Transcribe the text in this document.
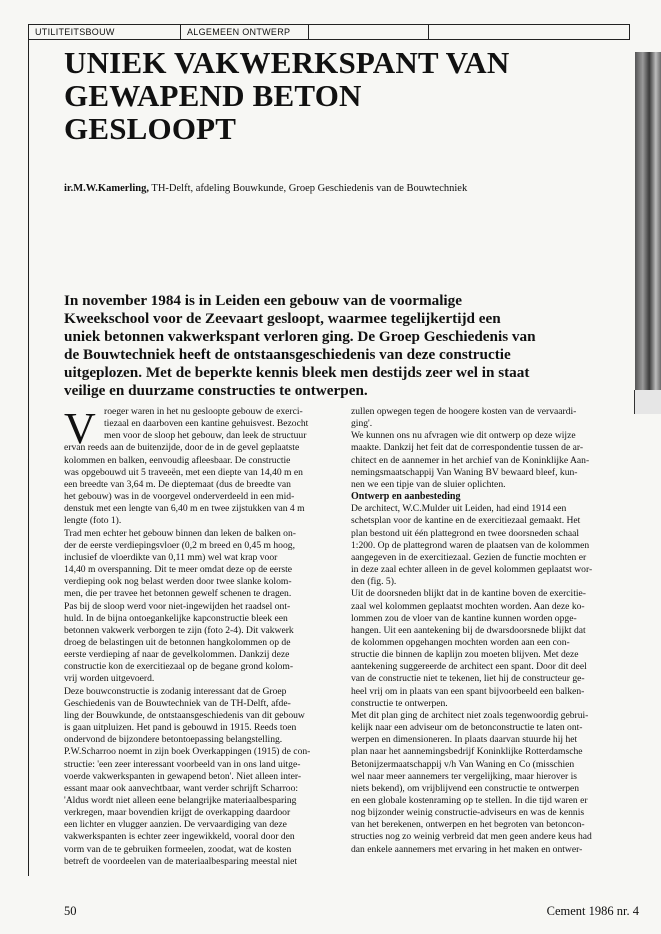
UTILITEITSBOUW	ALGEMEEN ONTWERP
UNIEK VAKWERKSPANT VAN
GEWAPEND BETON
GESLOOPT
ir.M.W.Kamerling, TH-Delft, afdeling Bouwkunde, Groep Geschiedenis van de Bouwtechniek
In november 1984 is in Leiden een gebouw van de voormalige
Kweekschool voor de Zeevaart gesloopt, waarmee tegelijkertijd een
uniek betonnen vakwerkspant verloren ging. De Groep Geschiedenis van
de Bouwtechniek heeft de ontstaansgeschiedenis van deze constructie
uitgeplozen. Met de beperkte kennis bleek men destijds zeer wel in staat
veilige en duurzame constructies te ontwerpen.
V roeger waren in het nu gesloopte gebouw de exerci-
tiezaal en daarboven een kantine gehuisvest. Bezocht
men voor de sloop het gebouw, dan leek de structuur
ervan reeds aan de buitenzijde, door de in de gevel geplaatste
kolommen en balken, eenvoudig afleesbaar. De constructie
was opgebouwd uit 5 traveeën, met een diepte van 14,40 m en
een breedte van 3,64 m. De dieptemaat (dus de breedte van
het gebouw) was in de voorgevel onderverdeeld in een mid-
denstuk met een lengte van 6,40 m en twee zijstukken van 4 m
lengte (foto 1).
Trad men echter het gebouw binnen dan leken de balken on-
der de eerste verdiepingsvloer (0,2 m breed en 0,45 m hoog,
inclusief de vloerdikte van 0,11 mm) wel wat krap voor
14,40 m overspanning. Dit te meer omdat deze op de eerste
verdieping ook nog belast werden door twee slanke kolom-
men, die per travee het betonnen gewelf schenen te dragen.
Pas bij de sloop werd voor niet-ingewijden het raadsel ont-
huld. In de bijna ontoegankelijke kapconstructie bleek een
betonnen vakwerk verborgen te zijn (foto 2-4). Dit vakwerk
droeg de belastingen uit de betonnen hangkolommen op de
eerste verdieping af naar de gevelkolommen. Dankzij deze
constructie kon de exercitiezaal op de begane grond kolom-
vrij worden uitgevoerd.
Deze bouwconstructie is zodanig interessant dat de Groep
Geschiedenis van de Bouwtechniek van de TH-Delft, afde-
ling der Bouwkunde, de ontstaansgeschiedenis van dit gebouw
is gaan uitpluizen. Het pand is gebouwd in 1915. Reeds toen
ondervond de bijzondere betontoepassing belangstelling.
P.W.Scharroo noemt in zijn boek Overkappingen (1915) de con-
structie: 'een zeer interessant voorbeeld van in ons land uitge-
voerde vakwerkspanten in gewapend beton'. Niet alleen inter-
essant maar ook aanvechtbaar, want verder schrijft Scharroo:
'Aldus wordt niet alleen eene belangrijke materiaalbesparing
verkregen, maar bovendien krijgt de overkapping daardoor
een lichter en vlugger aanzien. De vervaardiging van deze
vakwerkspanten is echter zeer ingewikkeld, vooral door den
vorm van de te gebruiken formeelen, zoodat, wat de kosten
betreft de voordeelen van de materiaalbesparing meestal niet
zullen opwegen tegen de hoogere kosten van de vervaardi-
ging'.
We kunnen ons nu afvragen wie dit ontwerp op deze wijze
maakte. Dankzij het feit dat de correspondentie tussen de ar-
chitect en de aannemer in het archief van de Koninklijke Aan-
nemingsmaatschappij Van Waning BV bewaard bleef, kun-
nen we een tipje van de sluier oplichten.
Ontwerp en aanbesteding
De architect, W.C.Mulder uit Leiden, had eind 1914 een
schetsplan voor de kantine en de exercitiezaal gemaakt. Het
plan bestond uit één plattegrond en twee doorsneden schaal
1:200. Op de plattegrond waren de plaatsen van de kolommen
aangegeven in de exercitiezaal. Gezien de functie mochten er
in deze zaal echter alleen in de gevel kolommen geplaatst wor-
den (fig. 5).
Uit de doorsneden blijkt dat in de kantine boven de exercitie-
zaal wel kolommen geplaatst mochten worden. Aan deze ko-
lommen zou de vloer van de kantine kunnen worden opge-
hangen. Uit een aantekening bij de dwarsdoorsnede blijkt dat
de kolommen opgehangen mochten worden aan een con-
structie die binnen de kaplijn zou moeten blijven. Met deze
aantekening suggereerde de architect een spant. Door dit deel
van de constructie niet te tekenen, liet hij de constructeur ge-
heel vrij om in plaats van een spant bijvoorbeeld een balken-
constructie te ontwerpen.
Met dit plan ging de architect niet zoals tegenwoordig gebrui-
kelijk naar een adviseur om de betonconstructie te laten ont-
werpen en dimensioneren. In plaats daarvan stuurde hij het
plan naar het aannemingsbedrijf Koninklijke Rotterdamsche
Betonijzermaatschappij v/h Van Waning en Co (misschien
wel naar meer aannemers ter vergelijking, maar hierover is
niets bekend), om vrijblijvend een constructie te ontwerpen
en een globale kostenraming op te stellen. In die tijd waren er
nog bijzonder weinig constructie-adviseurs en was de kennis
van het berekenen, ontwerpen en het begroten van betoncon-
structies nog zo weinig verbreid dat men geen andere keus had
dan enkele aannemers met ervaring in het maken en ontwer-
50	Cement 1986 nr. 4
